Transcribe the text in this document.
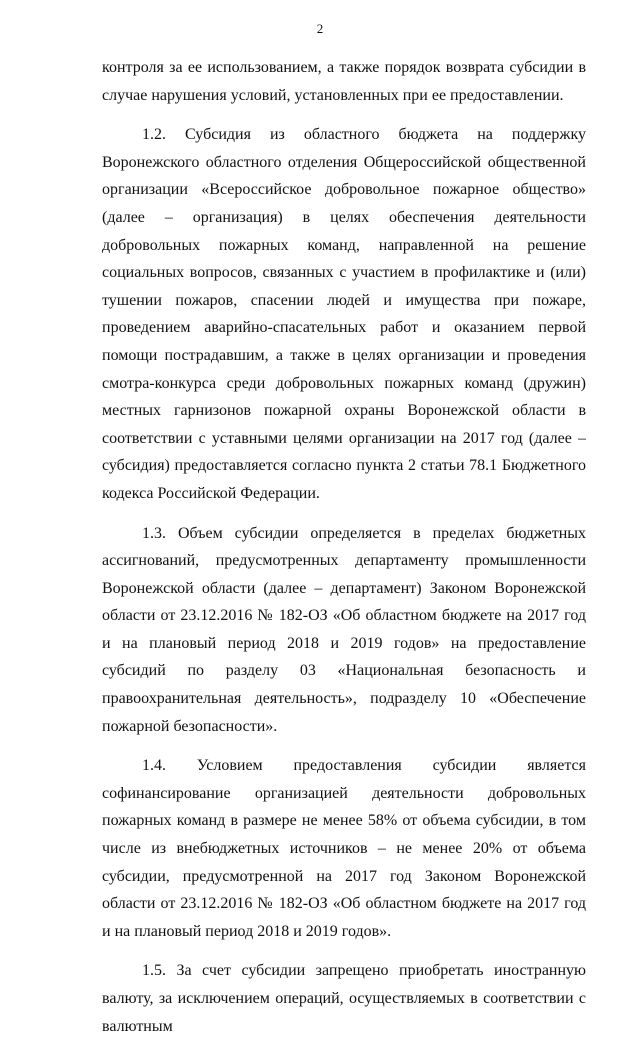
2

контроля за ее использованием, а также порядок возврата субсидии в случае нарушения условий, установленных при ее предоставлении.

1.2. Субсидия из областного бюджета на поддержку Воронежского областного отделения Общероссийской общественной организации «Всероссийское добровольное пожарное общество» (далее – организация) в целях обеспечения деятельности добровольных пожарных команд, направленной на решение социальных вопросов, связанных с участием в профилактике и (или) тушении пожаров, спасении людей и имущества при пожаре, проведением аварийно-спасательных работ и оказанием первой помощи пострадавшим, а также в целях организации и проведения смотра-конкурса среди добровольных пожарных команд (дружин) местных гарнизонов пожарной охраны Воронежской области в соответствии с уставными целями организации на 2017 год (далее – субсидия) предоставляется согласно пункта 2 статьи 78.1 Бюджетного кодекса Российской Федерации.

1.3. Объем субсидии определяется в пределах бюджетных ассигнований, предусмотренных департаменту промышленности Воронежской области (далее – департамент) Законом Воронежской области от 23.12.2016 № 182-ОЗ «Об областном бюджете на 2017 год и на плановый период 2018 и 2019 годов» на предоставление субсидий по разделу 03 «Национальная безопасность и правоохранительная деятельность», подразделу 10 «Обеспечение пожарной безопасности».

1.4. Условием предоставления субсидии является софинансирование организацией деятельности добровольных пожарных команд в размере не менее 58% от объема субсидии, в том числе из внебюджетных источников – не менее 20% от объема субсидии, предусмотренной на 2017 год Законом Воронежской области от 23.12.2016 № 182-ОЗ «Об областном бюджете на 2017 год и на плановый период 2018 и 2019 годов».

1.5. За счет субсидии запрещено приобретать иностранную валюту, за исключением операций, осуществляемых в соответствии с валютным
